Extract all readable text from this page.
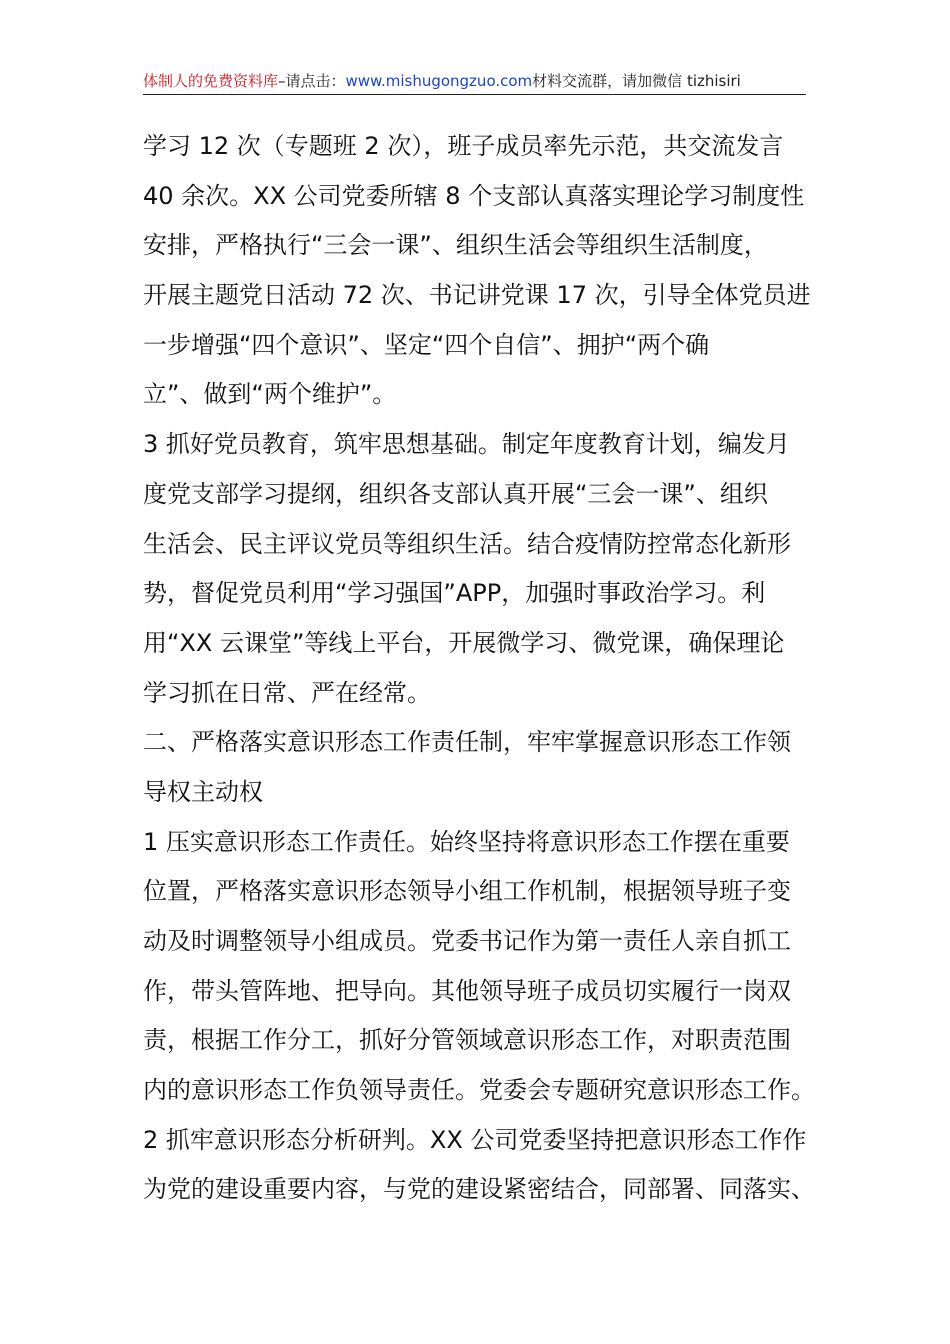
体制人的免费资料库–请点击：www.mishugongzuo.com材料交流群，请加微信 tizhisiri
学习 12 次（专题班 2 次），班子成员率先示范，共交流发言
40 余次。XX 公司党委所辖 8 个支部认真落实理论学习制度性
安排，严格执行“三会一课”、组织生活会等组织生活制度，
开展主题党日活动 72 次、书记讲党课 17 次，引导全体党员进
一步增强“四个意识”、坚定“四个自信”、拥护“两个确
立”、做到“两个维护”。
3 抓好党员教育，筑牢思想基础。制定年度教育计划，编发月
度党支部学习提纲，组织各支部认真开展“三会一课”、组织
生活会、民主评议党员等组织生活。结合疫情防控常态化新形
势，督促党员利用“学习强国”APP，加强时事政治学习。利
用“XX 云课堂”等线上平台，开展微学习、微党课，确保理论
学习抓在日常、严在经常。
二、严格落实意识形态工作责任制，牢牢掌握意识形态工作领
导权主动权
1 压实意识形态工作责任。始终坚持将意识形态工作摆在重要
位置，严格落实意识形态领导小组工作机制，根据领导班子变
动及时调整领导小组成员。党委书记作为第一责任人亲自抓工
作，带头管阵地、把导向。其他领导班子成员切实履行一岗双
责，根据工作分工，抓好分管领域意识形态工作，对职责范围
内的意识形态工作负领导责任。党委会专题研究意识形态工作。
2 抓牢意识形态分析研判。XX 公司党委坚持把意识形态工作作
为党的建设重要内容，与党的建设紧密结合，同部署、同落实、
